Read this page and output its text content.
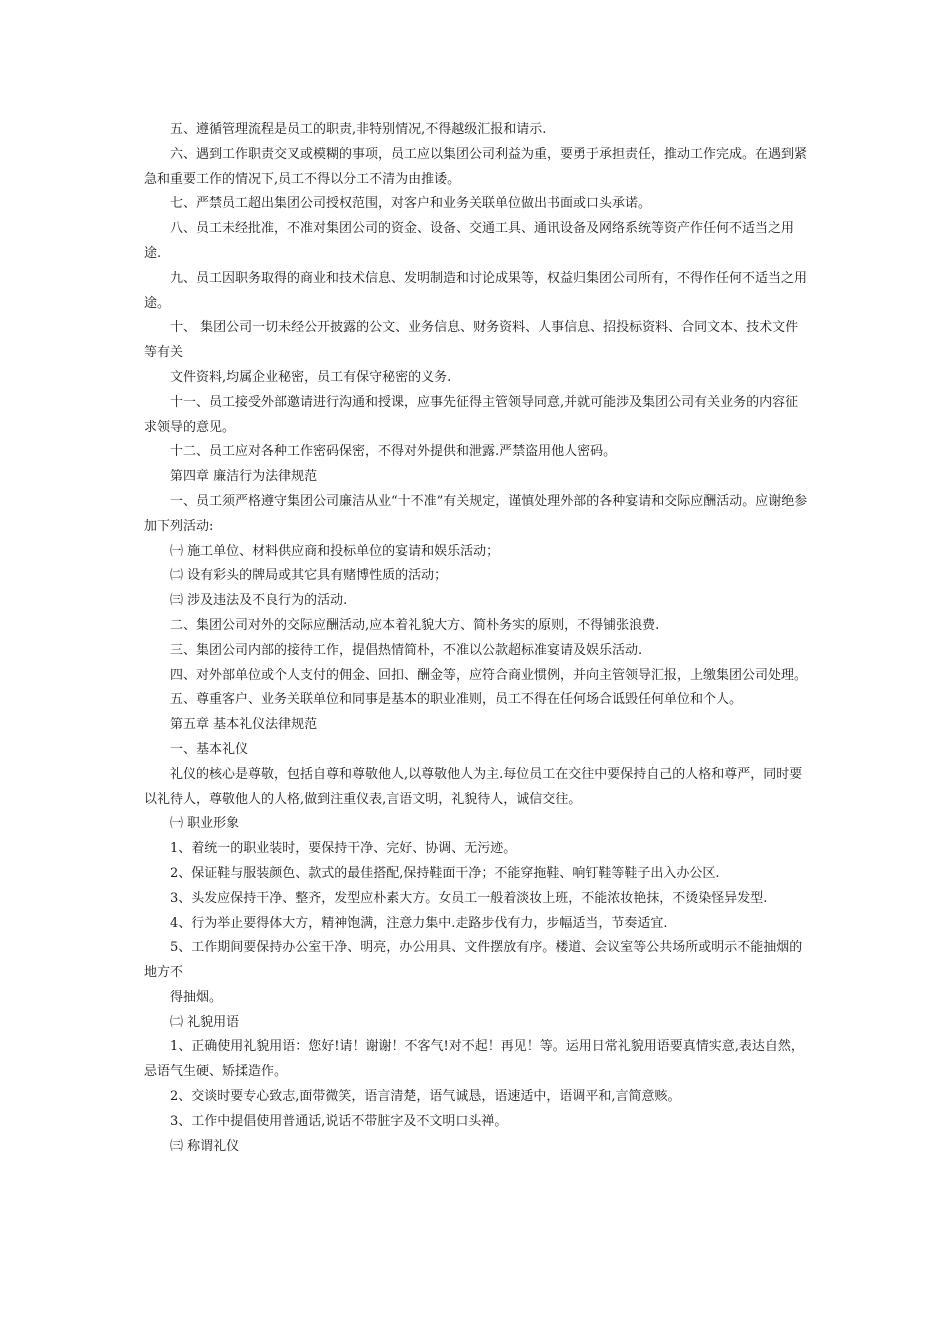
五、遵循管理流程是员工的职责,非特别情况,不得越级汇报和请示.

六、遇到工作职责交叉或模糊的事项，员工应以集团公司利益为重，要勇于承担责任，推动工作完成。在遇到紧急和重要工作的情况下,员工不得以分工不清为由推诿。

七、严禁员工超出集团公司授权范围，对客户和业务关联单位做出书面或口头承诺。

八、员工未经批准，不准对集团公司的资金、设备、交通工具、通讯设备及网络系统等资产作任何不适当之用途.

九、员工因职务取得的商业和技术信息、发明制造和讨论成果等，权益归集团公司所有，不得作任何不适当之用途。

十、 集团公司一切未经公开披露的公文、业务信息、财务资料、人事信息、招投标资料、合同文本、技术文件等有关

文件资料,均属企业秘密，员工有保守秘密的义务.

十一、员工接受外部邀请进行沟通和授课，应事先征得主管领导同意,并就可能涉及集团公司有关业务的内容征求领导的意见。

十二、员工应对各种工作密码保密，不得对外提供和泄露.严禁盗用他人密码。

第四章 廉洁行为法律规范

一、员工须严格遵守集团公司廉洁从业“十不准”有关规定，谨慎处理外部的各种宴请和交际应酬活动。应谢绝参加下列活动:

㈠ 施工单位、材料供应商和投标单位的宴请和娱乐活动；

㈡ 设有彩头的牌局或其它具有赌博性质的活动；

㈢ 涉及违法及不良行为的活动.

二、集团公司对外的交际应酬活动,应本着礼貌大方、简朴务实的原则，不得铺张浪费.

三、集团公司内部的接待工作，提倡热情简朴，不准以公款超标准宴请及娱乐活动.

四、对外部单位或个人支付的佣金、回扣、酬金等，应符合商业惯例，并向主管领导汇报，上缴集团公司处理。

五、尊重客户、业务关联单位和同事是基本的职业准则，员工不得在任何场合诋毁任何单位和个人。

第五章 基本礼仪法律规范

一、基本礼仪

礼仪的核心是尊敬，包括自尊和尊敬他人,以尊敬他人为主.每位员工在交往中要保持自己的人格和尊严，同时要以礼待人，尊敬他人的人格,做到注重仪表,言语文明，礼貌待人，诚信交往。

㈠ 职业形象

1、着统一的职业装时，要保持干净、完好、协调、无污迹。

2、保证鞋与服装颜色、款式的最佳搭配,保持鞋面干净；不能穿拖鞋、响钉鞋等鞋子出入办公区.

3、头发应保持干净、整齐，发型应朴素大方。女员工一般着淡妆上班，不能浓妆艳抹，不烫染怪异发型.

4、行为举止要得体大方，精神饱满，注意力集中.走路步伐有力，步幅适当，节奏适宜.

5、工作期间要保持办公室干净、明亮，办公用具、文件摆放有序。楼道、会议室等公共场所或明示不能抽烟的地方不

得抽烟。

㈡ 礼貌用语

1、正确使用礼貌用语：您好!请！谢谢！不客气!对不起！再见！等。运用日常礼貌用语要真情实意,表达自然，忌语气生硬、矫揉造作。

2、交谈时要专心致志,面带微笑，语言清楚，语气诚恳，语速适中，语调平和,言简意赅。

3、工作中提倡使用普通话,说话不带脏字及不文明口头禅。

㈢ 称谓礼仪
